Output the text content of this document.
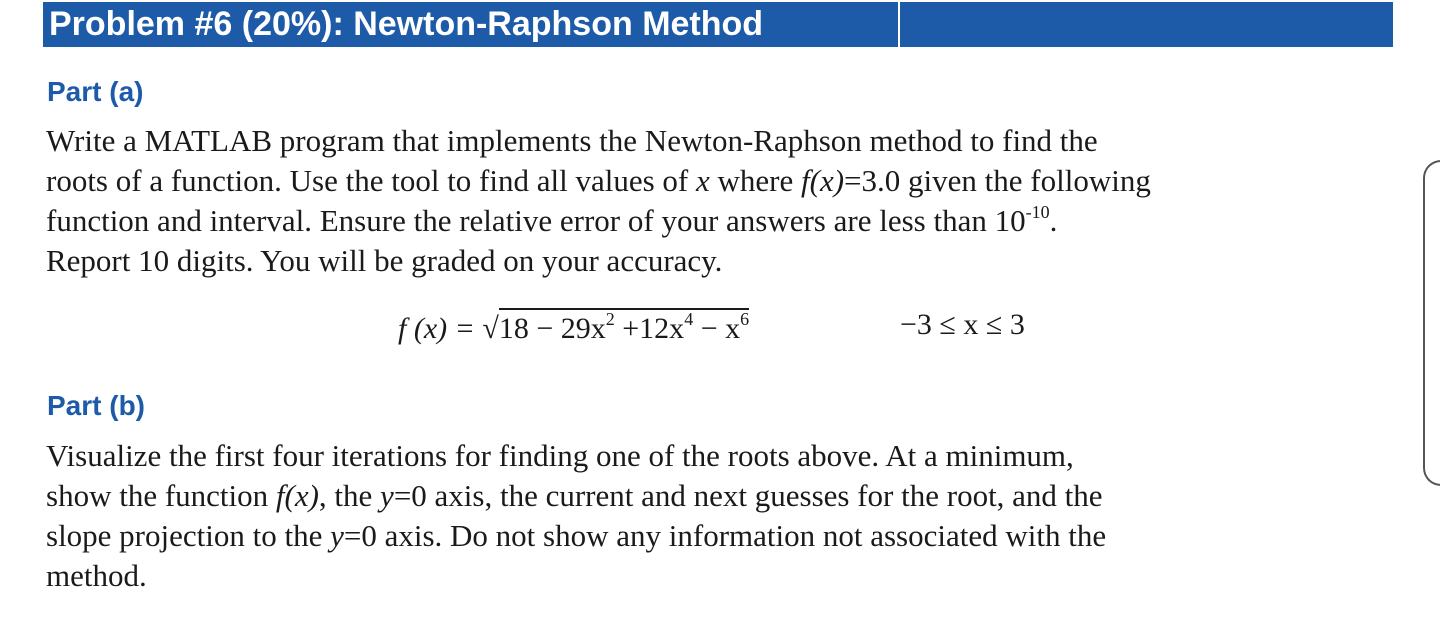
Problem #6 (20%): Newton-Raphson Method
Part (a)
Write a MATLAB program that implements the Newton-Raphson method to find the
roots of a function. Use the tool to find all values of x where f(x)=3.0 given the following
function and interval. Ensure the relative error of your answers are less than $10^{-10}$.
Report 10 digits. You will be graded on your accuracy.
f $(x) = √18 - 29x^2 +12x^4 - x^6$	−3 ≤ x ≤ 3
Part (b)
Visualize the first four iterations for finding one of the roots above. At a minimum,
show the function f(x), the y=0 axis, the current and next guesses for the root, and the
slope projection to the y=0 axis. Do not show any information not associated with the
method.
